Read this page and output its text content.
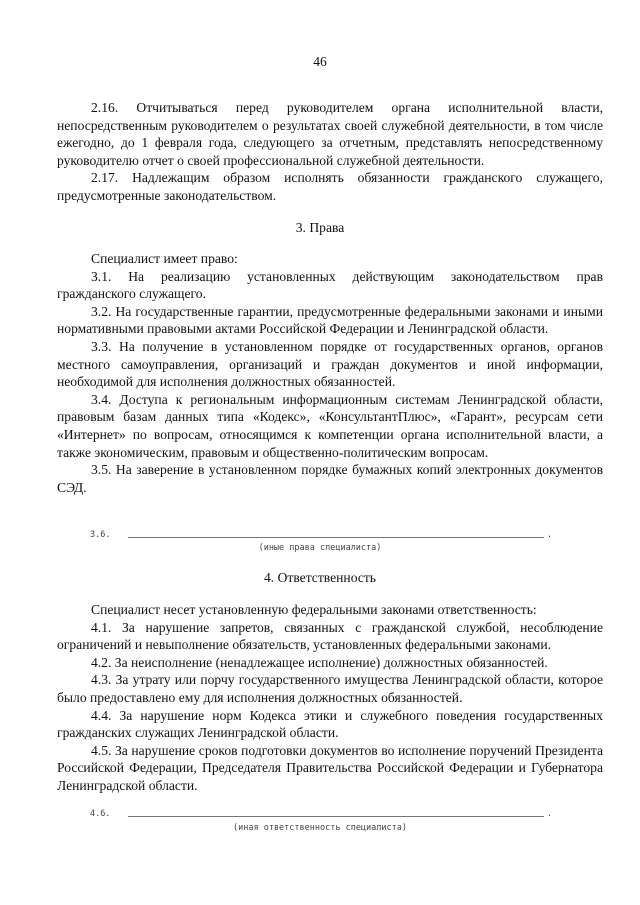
46

2.16. Отчитываться перед руководителем органа исполнительной власти, непосредственным руководителем о результатах своей служебной деятельности, в том числе ежегодно, до 1 февраля года, следующего за отчетным, представлять непосредственному руководителю отчет о своей профессиональной служебной деятельности.

2.17. Надлежащим образом исполнять обязанности гражданского служащего, предусмотренные законодательством.

3. Права

Специалист имеет право:

3.1. На реализацию установленных действующим законодательством прав гражданского служащего.

3.2. На государственные гарантии, предусмотренные федеральными законами и иными нормативными правовыми актами Российской Федерации и Ленинградской области.

3.3. На получение в установленном порядке от государственных органов, органов местного самоуправления, организаций и граждан документов и иной информации, необходимой для исполнения должностных обязанностей.

3.4. Доступа к региональным информационным системам Ленинградской области, правовым базам данных типа «Кодекс», «КонсультантПлюс», «Гарант», ресурсам сети «Интернет» по вопросам, относящимся к компетенции органа исполнительной власти, а также экономическим, правовым и общественно-политическим вопросам.

3.5. На заверение в установленном порядке бумажных копий электронных документов СЭД.

3.6.	.
(иные права специалиста)

4. Ответственность

Специалист несет установленную федеральными законами ответственность:

4.1. За нарушение запретов, связанных с гражданской службой, несоблюдение ограничений и невыполнение обязательств, установленных федеральными законами.

4.2. За неисполнение (ненадлежащее исполнение) должностных обязанностей.

4.3. За утрату или порчу государственного имущества Ленинградской области, которое было предоставлено ему для исполнения должностных обязанностей.

4.4. За нарушение норм Кодекса этики и служебного поведения государственных гражданских служащих Ленинградской области.

4.5. За нарушение сроков подготовки документов во исполнение поручений Президента Российской Федерации, Председателя Правительства Российской Федерации и Губернатора Ленинградской области.

4.6.	.
(иная ответственность специалиста)
